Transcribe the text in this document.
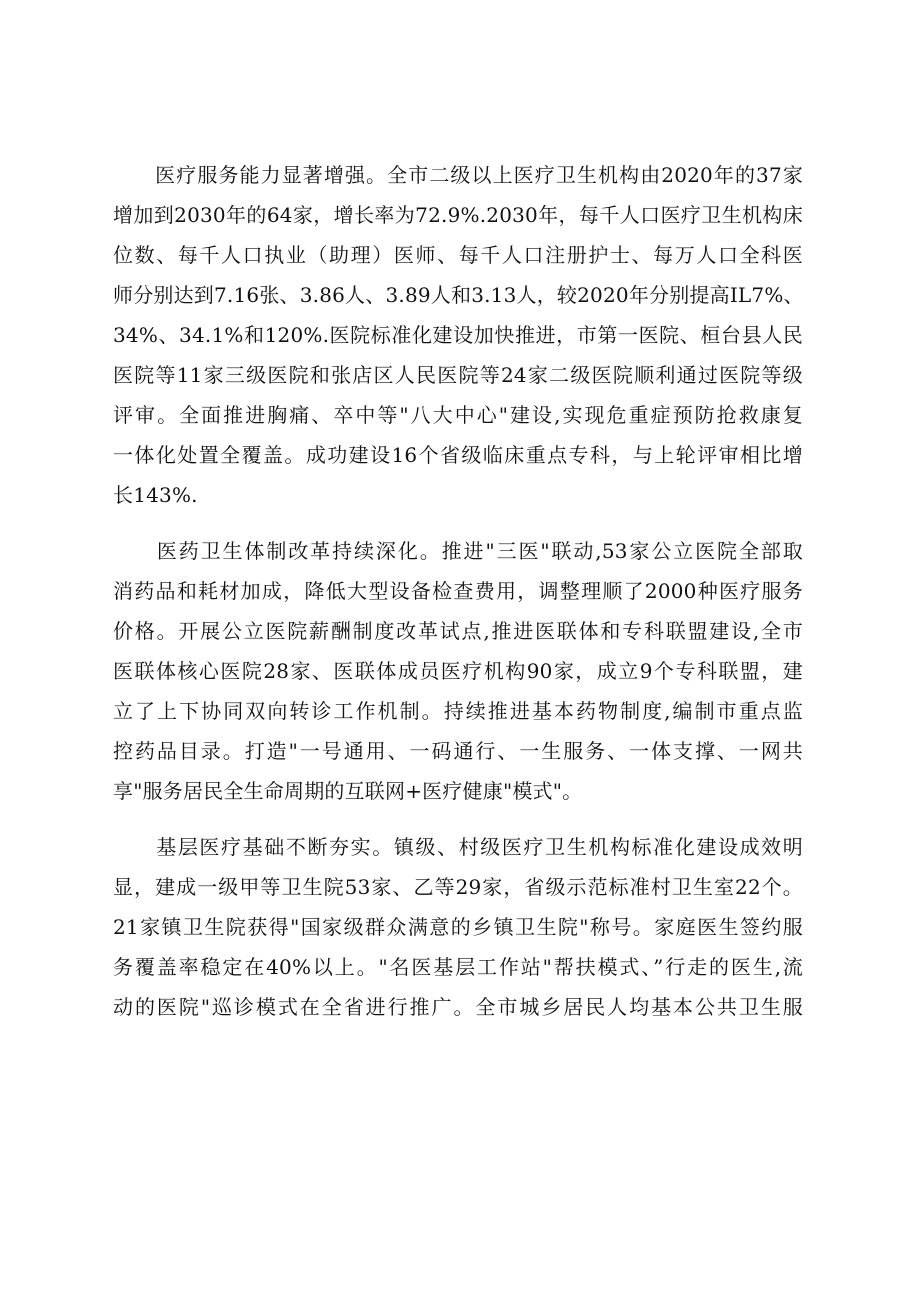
　　医疗服务能力显著增强。全市二级以上医疗卫生机构由2020年的37家
增加到2030年的64家，增长率为72.9%.2030年，每千人口医疗卫生机构床
位数、每千人口执业（助理）医师、每千人口注册护士、每万人口全科医
师分别达到7.16张、3.86人、3.89人和3.13人，较2020年分别提高IL7%、
34%、34.1%和120%.医院标准化建设加快推进，市第一医院、桓台县人民
医院等11家三级医院和张店区人民医院等24家二级医院顺利通过医院等级
评审。全面推进胸痛、卒中等"八大中心"建设,实现危重症预防抢救康复
一体化处置全覆盖。成功建设16个省级临床重点专科，与上轮评审相比增
长143%.
　　医药卫生体制改革持续深化。推进"三医"联动,53家公立医院全部取
消药品和耗材加成，降低大型设备检查费用，调整理顺了2000种医疗服务
价格。开展公立医院薪酬制度改革试点,推进医联体和专科联盟建设,全市
医联体核心医院28家、医联体成员医疗机构90家，成立9个专科联盟，建
立了上下协同双向转诊工作机制。持续推进基本药物制度,编制市重点监
控药品目录。打造"一号通用、一码通行、一生服务、一体支撑、一网共
享"服务居民全生命周期的互联网+医疗健康"模式"。
　　基层医疗基础不断夯实。镇级、村级医疗卫生机构标准化建设成效明
显，建成一级甲等卫生院53家、乙等29家，省级示范标准村卫生室22个。
21家镇卫生院获得"国家级群众满意的乡镇卫生院"称号。家庭医生签约服
务覆盖率稳定在40%以上。"名医基层工作站"帮扶模式、”行走的医生,流
动的医院"巡诊模式在全省进行推广。全市城乡居民人均基本公共卫生服
